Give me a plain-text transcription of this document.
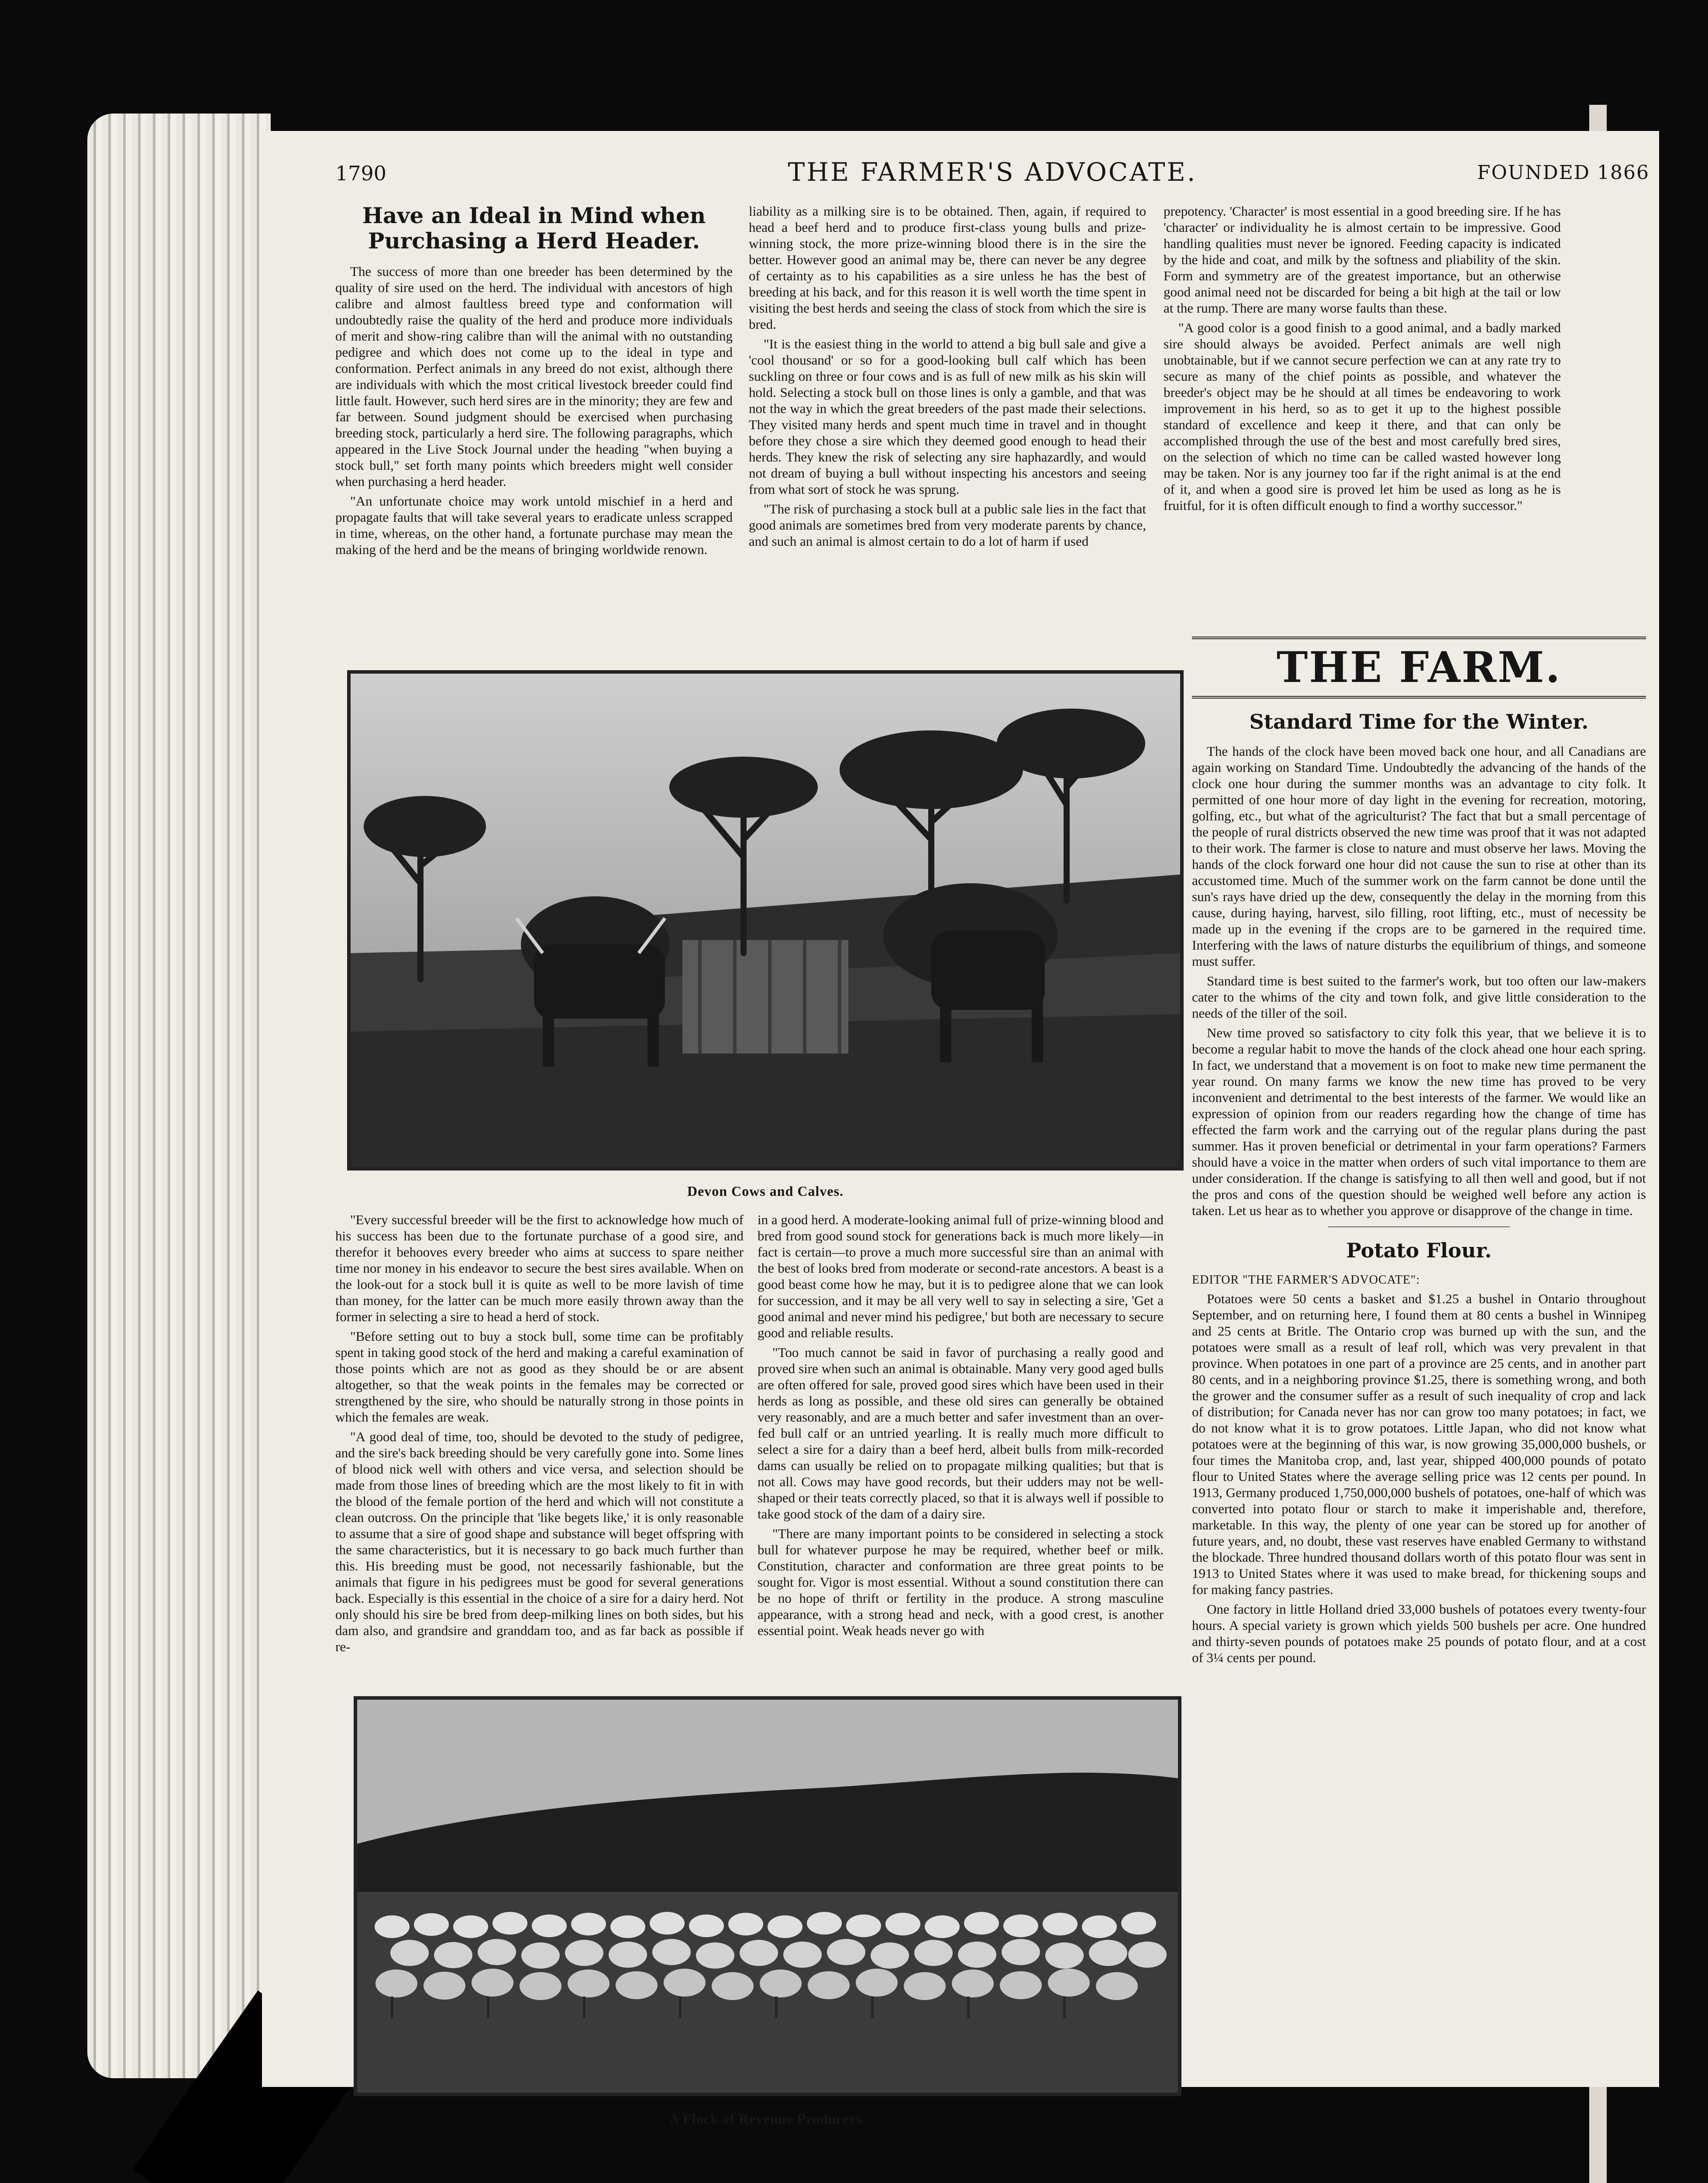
1790	THE FARMER'S ADVOCATE.	FOUNDED 1866
Have an Ideal in Mind when Purchasing a Herd Header.

The success of more than one breeder has been determined by the quality of sire used on the herd. The individual with ancestors of high calibre and almost faultless breed type and conformation will undoubtedly raise the quality of the herd and produce more individuals of merit and show-ring calibre than will the animal with no outstanding pedigree and which does not come up to the ideal in type and conformation. Perfect animals in any breed do not exist, although there are individuals with which the most critical livestock breeder could find little fault. However, such herd sires are in the minority; they are few and far between. Sound judgment should be exercised when purchasing breeding stock, particularly a herd sire. The following paragraphs, which appeared in the Live Stock Journal under the heading "when buying a stock bull," set forth many points which breeders might well consider when purchasing a herd header.

"An unfortunate choice may work untold mischief in a herd and propagate faults that will take several years to eradicate unless scrapped in time, whereas, on the other hand, a fortunate purchase may mean the making of the herd and be the means of bringing worldwide renown.

liability as a milking sire is to be obtained. Then, again, if required to head a beef herd and to produce first-class young bulls and prize-winning stock, the more prize-winning blood there is in the sire the better. However good an animal may be, there can never be any degree of certainty as to his capabilities as a sire unless he has the best of breeding at his back, and for this reason it is well worth the time spent in visiting the best herds and seeing the class of stock from which the sire is bred.

"It is the easiest thing in the world to attend a big bull sale and give a 'cool thousand' or so for a good-looking bull calf which has been suckling on three or four cows and is as full of new milk as his skin will hold. Selecting a stock bull on those lines is only a gamble, and that was not the way in which the great breeders of the past made their selections. They visited many herds and spent much time in travel and in thought before they chose a sire which they deemed good enough to head their herds. They knew the risk of selecting any sire haphazardly, and would not dream of buying a bull without inspecting his ancestors and seeing from what sort of stock he was sprung.

"The risk of purchasing a stock bull at a public sale lies in the fact that good animals are sometimes bred from very moderate parents by chance, and such an animal is almost certain to do a lot of harm if used

prepotency. 'Character' is most essential in a good breeding sire. If he has 'character' or individuality he is almost certain to be impressive. Good handling qualities must never be ignored. Feeding capacity is indicated by the hide and coat, and milk by the softness and pliability of the skin. Form and symmetry are of the greatest importance, but an otherwise good animal need not be discarded for being a bit high at the tail or low at the rump. There are many worse faults than these.

"A good color is a good finish to a good animal, and a badly marked sire should always be avoided. Perfect animals are well nigh unobtainable, but if we cannot secure perfection we can at any rate try to secure as many of the chief points as possible, and whatever the breeder's object may be he should at all times be endeavoring to work improvement in his herd, so as to get it up to the highest possible standard of excellence and keep it there, and that can only be accomplished through the use of the best and most carefully bred sires, on the selection of which no time can be called wasted however long may be taken. Nor is any journey too far if the right animal is at the end of it, and when a good sire is proved let him be used as long as he is fruitful, for it is often difficult enough to find a worthy successor."

Devon Cows and Calves.
THE FARM.
Standard Time for the Winter.

The hands of the clock have been moved back one hour, and all Canadians are again working on Standard Time. Undoubtedly the advancing of the hands of the clock one hour during the summer months was an advantage to city folk. It permitted of one hour more of day light in the evening for recreation, motoring, golfing, etc., but what of the agriculturist? The fact that but a small percentage of the people of rural districts observed the new time was proof that it was not adapted to their work. The farmer is close to nature and must observe her laws. Moving the hands of the clock forward one hour did not cause the sun to rise at other than its accustomed time. Much of the summer work on the farm cannot be done until the sun's rays have dried up the dew, consequently the delay in the morning from this cause, during haying, harvest, silo filling, root lifting, etc., must of necessity be made up in the evening if the crops are to be garnered in the required time. Interfering with the laws of nature disturbs the equilibrium of things, and someone must suffer.

Standard time is best suited to the farmer's work, but too often our law-makers cater to the whims of the city and town folk, and give little consideration to the needs of the tiller of the soil.

New time proved so satisfactory to city folk this year, that we believe it is to become a regular habit to move the hands of the clock ahead one hour each spring. In fact, we understand that a movement is on foot to make new time permanent the year round. On many farms we know the new time has proved to be very inconvenient and detrimental to the best interests of the farmer. We would like an expression of opinion from our readers regarding how the change of time has effected the farm work and the carrying out of the regular plans during the past summer. Has it proven beneficial or detrimental in your farm operations? Farmers should have a voice in the matter when orders of such vital importance to them are under consideration. If the change is satisfying to all then well and good, but if not the pros and cons of the question should be weighed well before any action is taken. Let us hear as to whether you approve or disapprove of the change in time.

Potato Flour.
EDITOR "THE FARMER'S ADVOCATE":

Potatoes were 50 cents a basket and $1.25 a bushel in Ontario throughout September, and on returning here, I found them at 80 cents a bushel in Winnipeg and 25 cents at Britle. The Ontario crop was burned up with the sun, and the potatoes were small as a result of leaf roll, which was very prevalent in that province. When potatoes in one part of a province are 25 cents, and in another part 80 cents, and in a neighboring province $1.25, there is something wrong, and both the grower and the consumer suffer as a result of such inequality of crop and lack of distribution; for Canada never has nor can grow too many potatoes; in fact, we do not know what it is to grow potatoes. Little Japan, who did not know what potatoes were at the beginning of this war, is now growing 35,000,000 bushels, or four times the Manitoba crop, and, last year, shipped 400,000 pounds of potato flour to United States where the average selling price was 12 cents per pound. In 1913, Germany produced 1,750,000,000 bushels of potatoes, one-half of which was converted into potato flour or starch to make it imperishable and, therefore, marketable. In this way, the plenty of one year can be stored up for another of future years, and, no doubt, these vast reserves have enabled Germany to withstand the blockade. Three hundred thousand dollars worth of this potato flour was sent in 1913 to United States where it was used to make bread, for thickening soups and for making fancy pastries.

One factory in little Holland dried 33,000 bushels of potatoes every twenty-four hours. A special variety is grown which yields 500 bushels per acre. One hundred and thirty-seven pounds of potatoes make 25 pounds of potato flour, and at a cost of 3¼ cents per pound.

"Every successful breeder will be the first to acknowledge how much of his success has been due to the fortunate purchase of a good sire, and therefor it behooves every breeder who aims at success to spare neither time nor money in his endeavor to secure the best sires available. When on the look-out for a stock bull it is quite as well to be more lavish of time than money, for the latter can be much more easily thrown away than the former in selecting a sire to head a herd of stock.

"Before setting out to buy a stock bull, some time can be profitably spent in taking good stock of the herd and making a careful examination of those points which are not as good as they should be or are absent altogether, so that the weak points in the females may be corrected or strengthened by the sire, who should be naturally strong in those points in which the females are weak.

"A good deal of time, too, should be devoted to the study of pedigree, and the sire's back breeding should be very carefully gone into. Some lines of blood nick well with others and vice versa, and selection should be made from those lines of breeding which are the most likely to fit in with the blood of the female portion of the herd and which will not constitute a clean outcross. On the principle that 'like begets like,' it is only reasonable to assume that a sire of good shape and substance will beget offspring with the same characteristics, but it is necessary to go back much further than this. His breeding must be good, not necessarily fashionable, but the animals that figure in his pedigrees must be good for several generations back. Especially is this essential in the choice of a sire for a dairy herd. Not only should his sire be bred from deep-milking lines on both sides, but his dam also, and grandsire and granddam too, and as far back as possible if re-

in a good herd. A moderate-looking animal full of prize-winning blood and bred from good sound stock for generations back is much more likely—in fact is certain—to prove a much more successful sire than an animal with the best of looks bred from moderate or second-rate ancestors. A beast is a good beast come how he may, but it is to pedigree alone that we can look for succession, and it may be all very well to say in selecting a sire, 'Get a good animal and never mind his pedigree,' but both are necessary to secure good and reliable results.

"Too much cannot be said in favor of purchasing a really good and proved sire when such an animal is obtainable. Many very good aged bulls are often offered for sale, proved good sires which have been used in their herds as long as possible, and these old sires can generally be obtained very reasonably, and are a much better and safer investment than an over-fed bull calf or an untried yearling. It is really much more difficult to select a sire for a dairy than a beef herd, albeit bulls from milk-recorded dams can usually be relied on to propagate milking qualities; but that is not all. Cows may have good records, but their udders may not be well-shaped or their teats correctly placed, so that it is always well if possible to take good stock of the dam of a dairy sire.

"There are many important points to be considered in selecting a stock bull for whatever purpose he may be required, whether beef or milk. Constitution, character and conformation are three great points to be sought for. Vigor is most essential. Without a sound constitution there can be no hope of thrift or fertility in the produce. A strong masculine appearance, with a strong head and neck, with a good crest, is another essential point. Weak heads never go with

A Flock of Revenue Producers.
